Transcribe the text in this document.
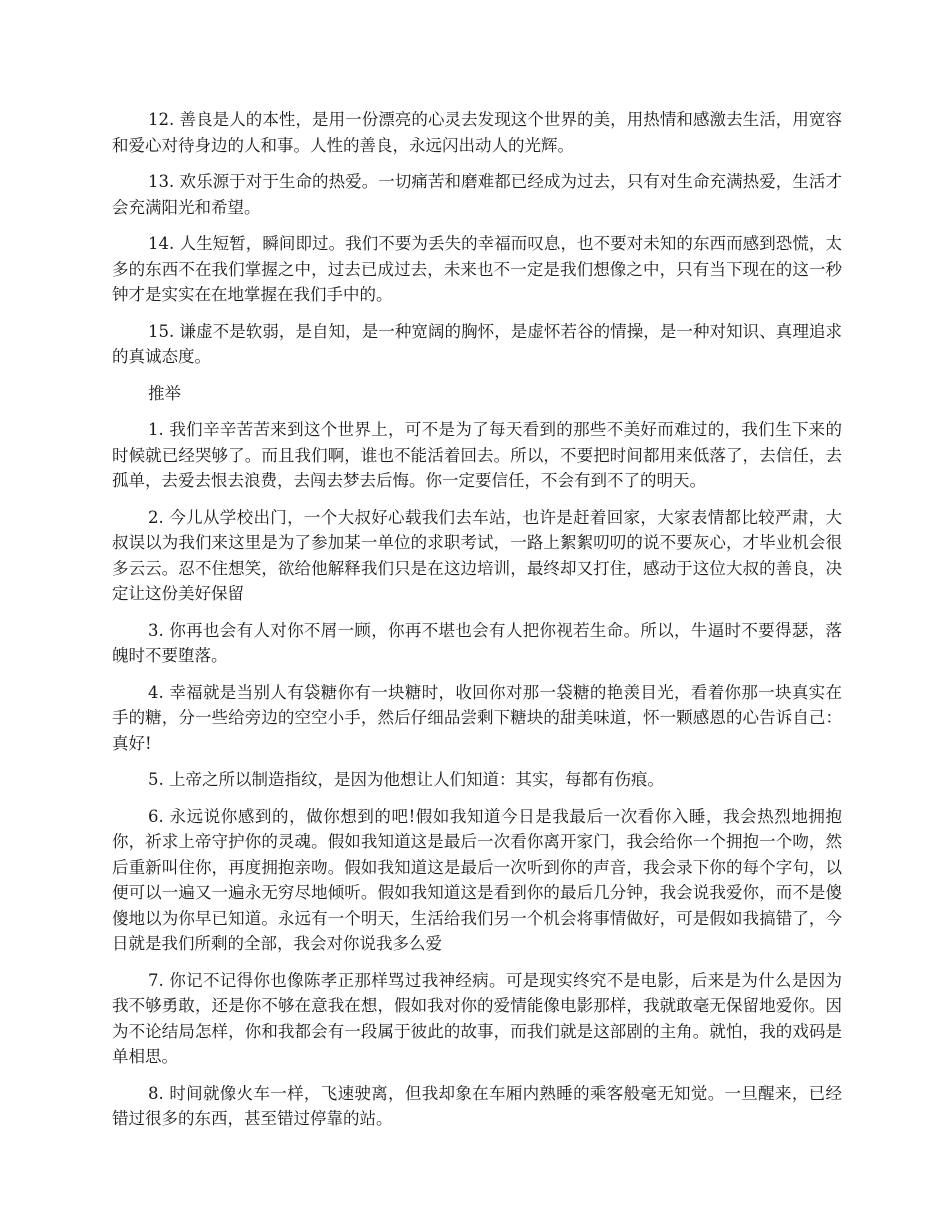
12. 善良是人的本性，是用一份漂亮的心灵去发现这个世界的美，用热情和感激去生活，用宽容和爱心对待身边的人和事。人性的善良，永远闪出动人的光辉。

13. 欢乐源于对于生命的热爱。一切痛苦和磨难都已经成为过去，只有对生命充满热爱，生活才会充满阳光和希望。

14. 人生短暂，瞬间即过。我们不要为丢失的幸福而叹息，也不要对未知的东西而感到恐慌，太多的东西不在我们掌握之中，过去已成过去，未来也不一定是我们想像之中，只有当下现在的这一秒钟才是实实在在地掌握在我们手中的。

15. 谦虚不是软弱，是自知，是一种宽阔的胸怀，是虚怀若谷的情操，是一种对知识、真理追求的真诚态度。

推举

1. 我们辛辛苦苦来到这个世界上，可不是为了每天看到的那些不美好而难过的，我们生下来的时候就已经哭够了。而且我们啊，谁也不能活着回去。所以，不要把时间都用来低落了，去信任，去孤单，去爱去恨去浪费，去闯去梦去后悔。你一定要信任，不会有到不了的明天。

2. 今儿从学校出门，一个大叔好心载我们去车站，也许是赶着回家，大家表情都比较严肃，大叔误以为我们来这里是为了参加某一单位的求职考试，一路上絮絮叨叨的说不要灰心，才毕业机会很多云云。忍不住想笑，欲给他解释我们只是在这边培训，最终却又打住，感动于这位大叔的善良，决定让这份美好保留

3. 你再也会有人对你不屑一顾，你再不堪也会有人把你视若生命。所以，牛逼时不要得瑟，落魄时不要堕落。

4. 幸福就是当别人有袋糖你有一块糖时，收回你对那一袋糖的艳羡目光，看着你那一块真实在手的糖，分一些给旁边的空空小手，然后仔细品尝剩下糖块的甜美味道，怀一颗感恩的心告诉自己：真好!

5. 上帝之所以制造指纹，是因为他想让人们知道：其实，每都有伤痕。

6. 永远说你感到的，做你想到的吧!假如我知道今日是我最后一次看你入睡，我会热烈地拥抱你，祈求上帝守护你的灵魂。假如我知道这是最后一次看你离开家门，我会给你一个拥抱一个吻，然后重新叫住你，再度拥抱亲吻。假如我知道这是最后一次听到你的声音，我会录下你的每个字句，以便可以一遍又一遍永无穷尽地倾听。假如我知道这是看到你的最后几分钟，我会说我爱你，而不是傻傻地以为你早已知道。永远有一个明天，生活给我们另一个机会将事情做好，可是假如我搞错了，今日就是我们所剩的全部，我会对你说我多么爱

7. 你记不记得你也像陈孝正那样骂过我神经病。可是现实终究不是电影，后来是为什么是因为我不够勇敢，还是你不够在意我在想，假如我对你的爱情能像电影那样，我就敢毫无保留地爱你。因为不论结局怎样，你和我都会有一段属于彼此的故事，而我们就是这部剧的主角。就怕，我的戏码是单相思。

8. 时间就像火车一样，飞速驶离，但我却象在车厢内熟睡的乘客般毫无知觉。一旦醒来，已经错过很多的东西，甚至错过停靠的站。
